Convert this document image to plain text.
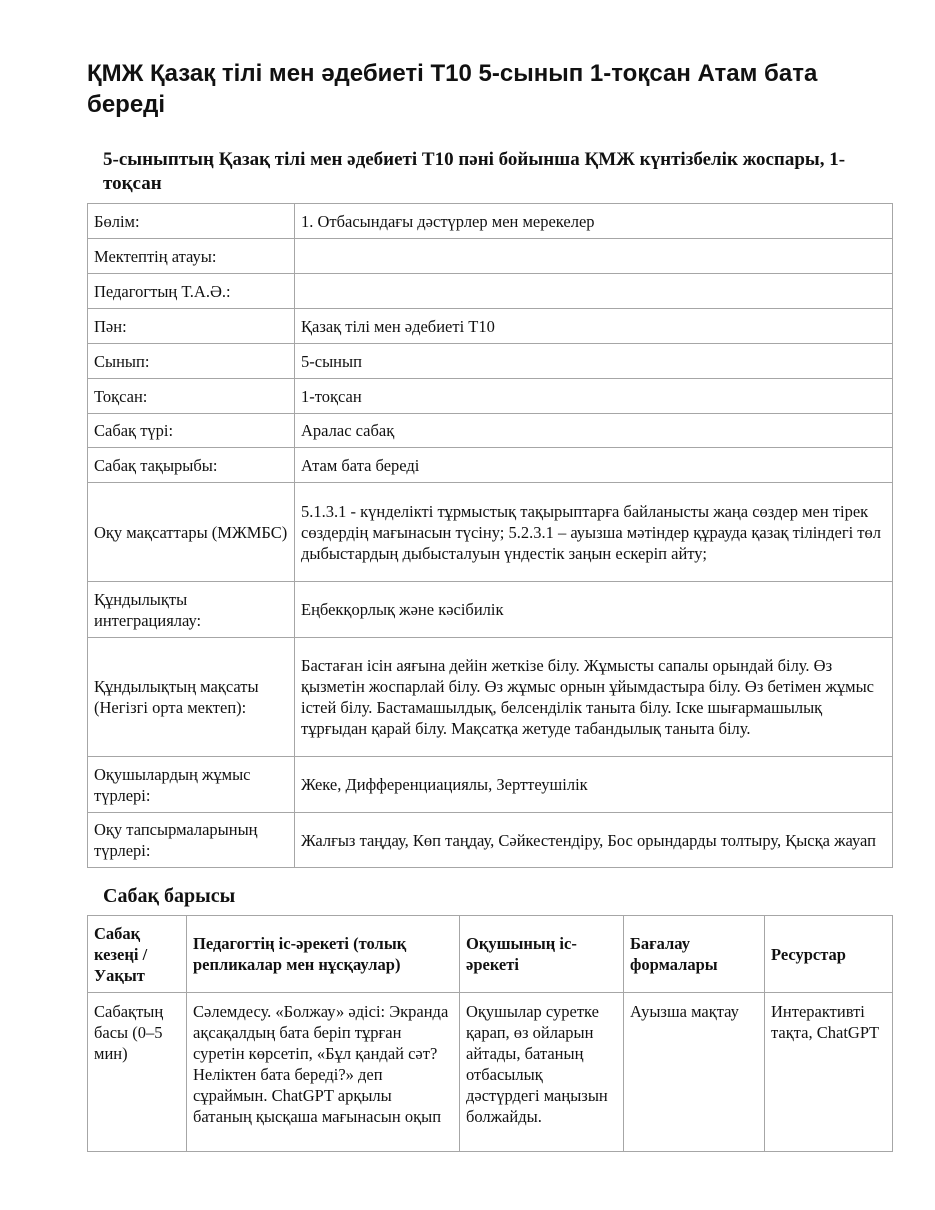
ҚМЖ Қазақ тілі мен әдебиеті Т10 5-сынып 1-тоқсан Атам бата береді
5-сыныптың Қазақ тілі мен әдебиеті Т10 пәні бойынша ҚМЖ күнтізбелік жоспары, 1-тоқсан
Бөлім:	1. Отбасындағы дәстүрлер мен мерекелер
Мектептің атауы:	
Педагогтың Т.А.Ә.:	
Пән:	Қазақ тілі мен әдебиеті Т10
Сынып:	5-сынып
Тоқсан:	1-тоқсан
Сабақ түрі:	Аралас сабақ
Сабақ тақырыбы:	Атам бата береді
Оқу мақсаттары (МЖМБС)	5.1.3.1 - күнделікті тұрмыстық тақырыптарға байланысты жаңа сөздер мен тірек сөздердің мағынасын түсіну; 5.2.3.1 – ауызша мәтіндер құрауда қазақ тіліндегі төл дыбыстардың дыбысталуын үндестік заңын ескеріп айту;
Құндылықты интеграциялау:	Еңбекқорлық және кәсібилік
Құндылықтың мақсаты (Негізгі орта мектеп):	Бастаған ісін аяғына дейін жеткізе білу. Жұмысты сапалы орындай білу. Өз қызметін жоспарлай білу. Өз жұмыс орнын ұйымдастыра білу. Өз бетімен жұмыс істей білу. Бастамашылдық, белсенділік таныта білу. Іске шығармашылық тұрғыдан қарай білу. Мақсатқа жетуде табандылық таныта білу.
Оқушылардың жұмыс түрлері:	Жеке, Дифференциациялы, Зерттеушілік
Оқу тапсырмаларының түрлері:	Жалғыз таңдау, Көп таңдау, Сәйкестендіру, Бос орындарды толтыру, Қысқа жауап
Сабақ барысы
Сабақ кезеңі / Уақыт	Педагогтің іс-әрекеті (толық репликалар мен нұсқаулар)	Оқушының іс-әрекеті	Бағалау формалары	Ресурстар
Сабақтың басы (0–5 мин)	Сәлемдесу. «Болжау» әдісі: Экранда ақсақалдың бата беріп тұрған суретін көрсетіп, «Бұл қандай сәт? Неліктен бата береді?» деп сұраймын. ChatGPT арқылы батаның қысқаша мағынасын оқып	Оқушылар суретке қарап, өз ойларын айтады, батаның отбасылық дәстүрдегі маңызын болжайды.	Ауызша мақтау	Интерактивті тақта, ChatGPT
